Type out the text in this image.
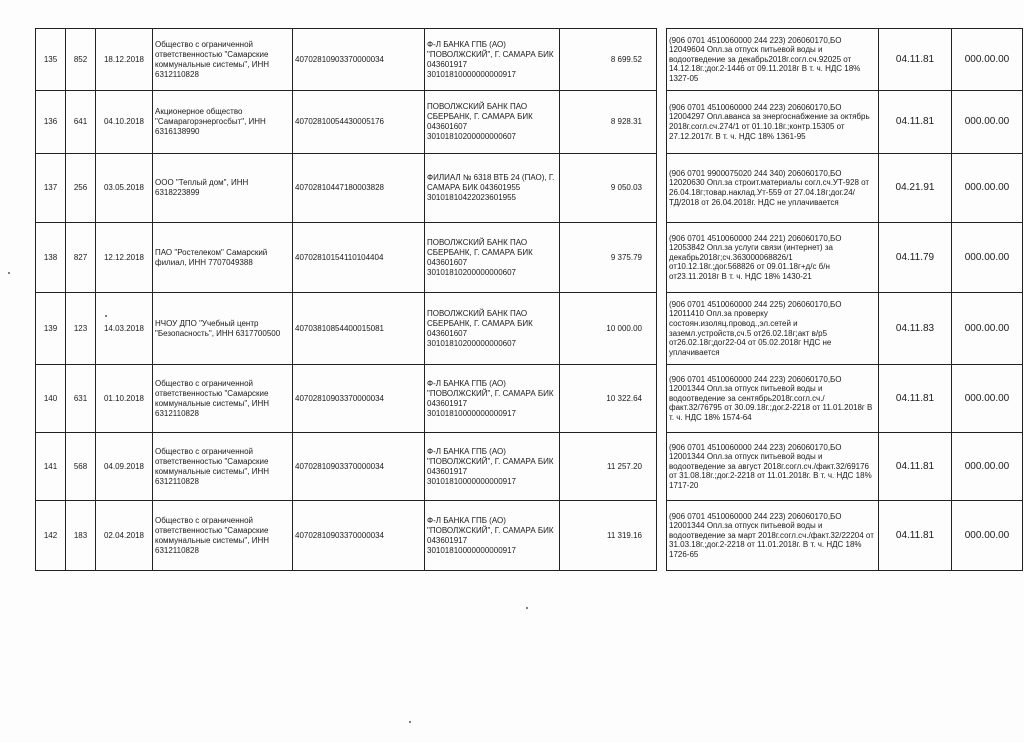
135	852	18.12.2018	Общество с ограниченной ответственностью "Самарские коммунальные системы", ИНН 6312110828	40702810903370000034	Ф-Л БАНКА ГПБ (АО) "ПОВОЛЖСКИЙ", Г. САМАРА БИК 043601917 30101810000000000917	8 699.52		(906 0701 4510060000 244 223) 206060170,БО 12049604 Опл.за отпуск питьевой воды и водоотведение за декабрь2018г.согл.сч.92025 от 14.12.18г.;дог.2-1446 от 09.11.2018г В т. ч. НДС 18% 1327-05	04.11.81	000.00.00
136	641	04.10.2018	Акционерное общество "Самарагорэнергосбыт", ИНН 6316138990	40702810054430005176	ПОВОЛЖСКИЙ БАНК ПАО СБЕРБАНК, Г. САМАРА БИК 043601607 30101810200000000607	8 928.31		(906 0701 4510060000 244 223) 206060170,БО 12004297 Опл.аванса за энергоснабжение за октябрь 2018г.согл.сч.274/1 от 01.10.18г.;контр.15305 от 27.12.2017г. В т. ч. НДС 18% 1361-95	04.11.81	000.00.00
137	256	03.05.2018	ООО "Теплый дом", ИНН 6318223899	40702810447180003828	ФИЛИАЛ № 6318 ВТБ 24 (ПАО), Г. САМАРА БИК 043601955 30101810422023601955	9 050.03		(906 0701 9900075020 244 340) 206060170,БО 12020630 Опл.за строит.материалы согл.сч.УТ-928 от 26.04.18г;товар.наклад.Ут-559 от 27.04.18г;дог.24/ТД/2018 от 26.04.2018г. НДС не уплачивается	04.21.91	000.00.00
138	827	12.12.2018	ПАО "Ростелеком" Самарский филиал, ИНН 7707049388	40702810154110104404	ПОВОЛЖСКИЙ БАНК ПАО СБЕРБАНК, Г. САМАРА БИК 043601607 30101810200000000607	9 375.79		(906 0701 4510060000 244 221) 206060170,БО 12053842 Опл.за услуги связи (интернет) за декабрь2018г;сч.363000068826/1 от10.12.18г.;дог.568826 от 09.01.18г+д/с б/н от23.11.2018г В т. ч. НДС 18% 1430-21	04.11.79	000.00.00
139	123	14.03.2018	НЧОУ ДПО "Учебный центр "Безопасность", ИНН 6317700500	40703810854400015081	ПОВОЛЖСКИЙ БАНК ПАО СБЕРБАНК, Г. САМАРА БИК 043601607 30101810200000000607	10 000.00		(906 0701 4510060000 244 225) 206060170,БО 12011410 Опл.за проверку состоян.изоляц.провод.,эл.сетей и заземл.устройств,сч.5 от26.02.18г;акт в/р5 от26.02.18г;дог22-04 от 05.02.2018г НДС не уплачивается	04.11.83	000.00.00
140	631	01.10.2018	Общество с ограниченной ответственностью "Самарские коммунальные системы", ИНН 6312110828	40702810903370000034	Ф-Л БАНКА ГПБ (АО) "ПОВОЛЖСКИЙ", Г. САМАРА БИК 043601917 30101810000000000917	10 322.64		(906 0701 4510060000 244 223) 206060170,БО 12001344 Опл.за отпуск питьевой воды и водоотведение за сентябрь2018г.согл.сч./факт.32/76795 от 30.09.18г.;дог.2-2218 от 11.01.2018г В т. ч. НДС 18% 1574-64	04.11.81	000.00.00
141	568	04.09.2018	Общество с ограниченной ответственностью "Самарские коммунальные системы", ИНН 6312110828	40702810903370000034	Ф-Л БАНКА ГПБ (АО) "ПОВОЛЖСКИЙ", Г. САМАРА БИК 043601917 30101810000000000917	11 257.20		(906 0701 4510060000 244 223) 206060170,БО 12001344 Опл.за отпуск питьевой воды и водоотведение за август 2018г.согл.сч./факт.32/69176 от 31.08.18г.;дог.2-2218 от 11.01.2018г. В т. ч. НДС 18% 1717-20	04.11.81	000.00.00
142	183	02.04.2018	Общество с ограниченной ответственностью "Самарские коммунальные системы", ИНН 6312110828	40702810903370000034	Ф-Л БАНКА ГПБ (АО) "ПОВОЛЖСКИЙ", Г. САМАРА БИК 043601917 30101810000000000917	11 319.16		(906 0701 4510060000 244 223) 206060170,БО 12001344 Опл.за отпуск питьевой воды и водоотведение за март 2018г.согл.сч./факт.32/22204 от 31.03.18г.;дог.2-2218 от 11.01.2018г. В т. ч. НДС 18% 1726-65	04.11.81	000.00.00
